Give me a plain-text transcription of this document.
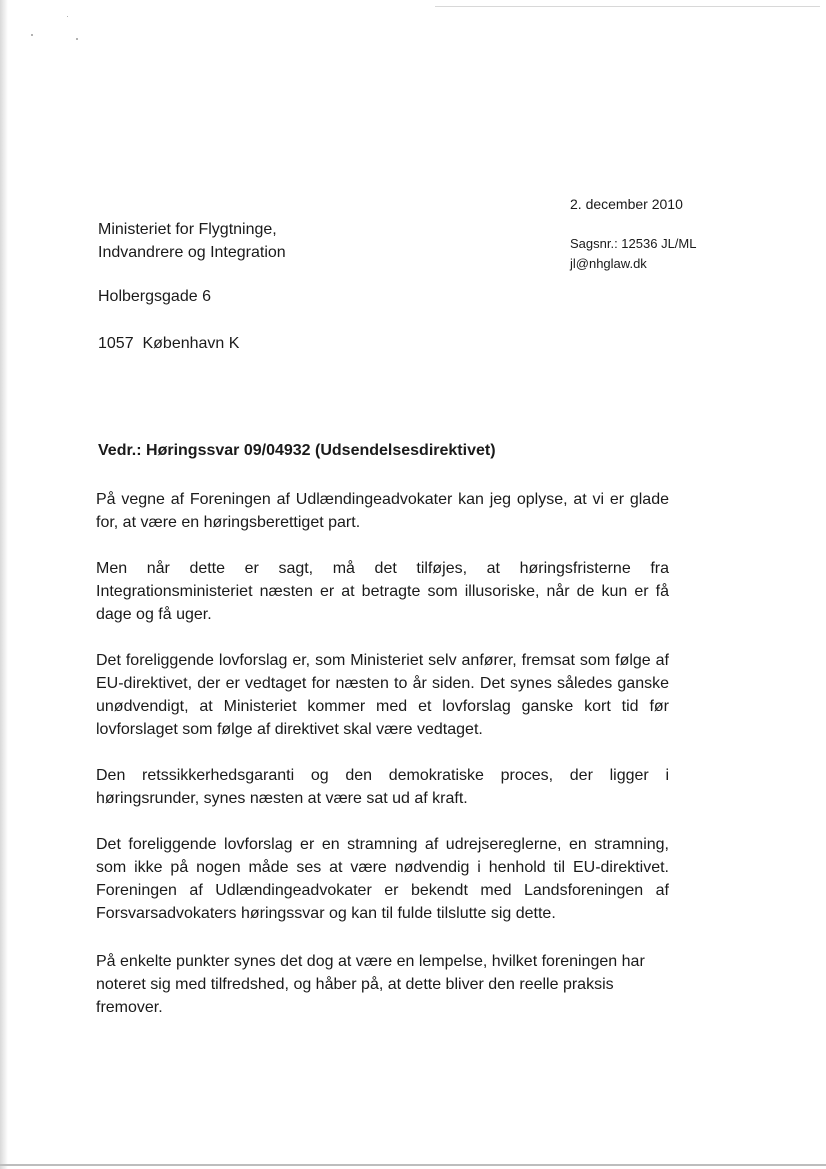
2. december 2010
Sagsnr.: 12536 JL/ML
jl@nhglaw.dk
Ministeriet for Flygtninge,
Indvandrere og Integration
Holbergsgade 6
1057  København K
Vedr.: Høringssvar 09/04932 (Udsendelsesdirektivet)

På vegne af Foreningen af Udlændingeadvokater kan jeg oplyse, at vi er glade for, at være en høringsberettiget part.

Men når dette er sagt, må det tilføjes, at høringsfristerne fra Integrationsministeriet næsten er at betragte som illusoriske, når de kun er få dage og få uger.

Det foreliggende lovforslag er, som Ministeriet selv anfører, fremsat som følge af EU-direktivet, der er vedtaget for næsten to år siden. Det synes således ganske unødvendigt, at Ministeriet kommer med et lovforslag ganske kort tid før lovforslaget som følge af direktivet skal være vedtaget.

Den retssikkerhedsgaranti og den demokratiske proces, der ligger i høringsrunder, synes næsten at være sat ud af kraft.

Det foreliggende lovforslag er en stramning af udrejsereglerne, en stramning, som ikke på nogen måde ses at være nødvendig i henhold til EU-direktivet. Foreningen af Udlændingeadvokater er bekendt med Landsforeningen af Forsvarsadvokaters høringssvar og kan til fulde tilslutte sig dette.

På enkelte punkter synes det dog at være en lempelse, hvilket foreningen har noteret sig med tilfredshed, og håber på, at dette bliver den reelle praksis fremover.
